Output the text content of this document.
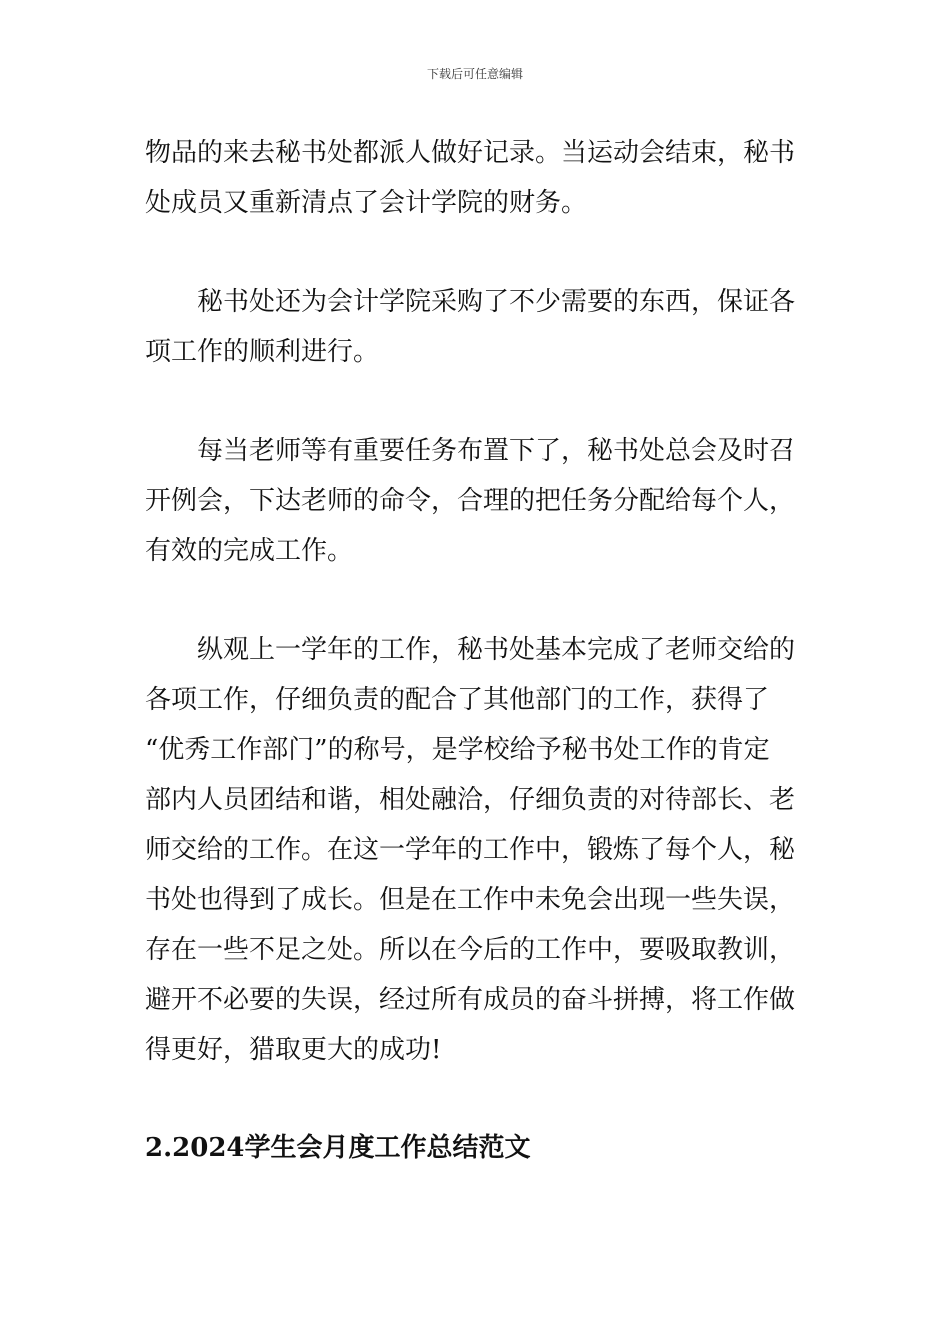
下载后可任意编辑

物品的来去秘书处都派人做好记录。当运动会结束，秘书
处成员又重新清点了会计学院的财务。

秘书处还为会计学院采购了不少需要的东西，保证各
项工作的顺利进行。

每当老师等有重要任务布置下了，秘书处总会及时召
开例会，下达老师的命令，合理的把任务分配给每个人，
有效的完成工作。

纵观上一学年的工作，秘书处基本完成了老师交给的
各项工作，仔细负责的配合了其他部门的工作，获得了
“优秀工作部门”的称号，是学校给予秘书处工作的肯定
部内人员团结和谐，相处融洽，仔细负责的对待部长、老
师交给的工作。在这一学年的工作中，锻炼了每个人，秘
书处也得到了成长。但是在工作中未免会出现一些失误，
存在一些不足之处。所以在今后的工作中，要吸取教训，
避开不必要的失误，经过所有成员的奋斗拼搏，将工作做
得更好，猎取更大的成功!

2.2024学生会月度工作总结范文
